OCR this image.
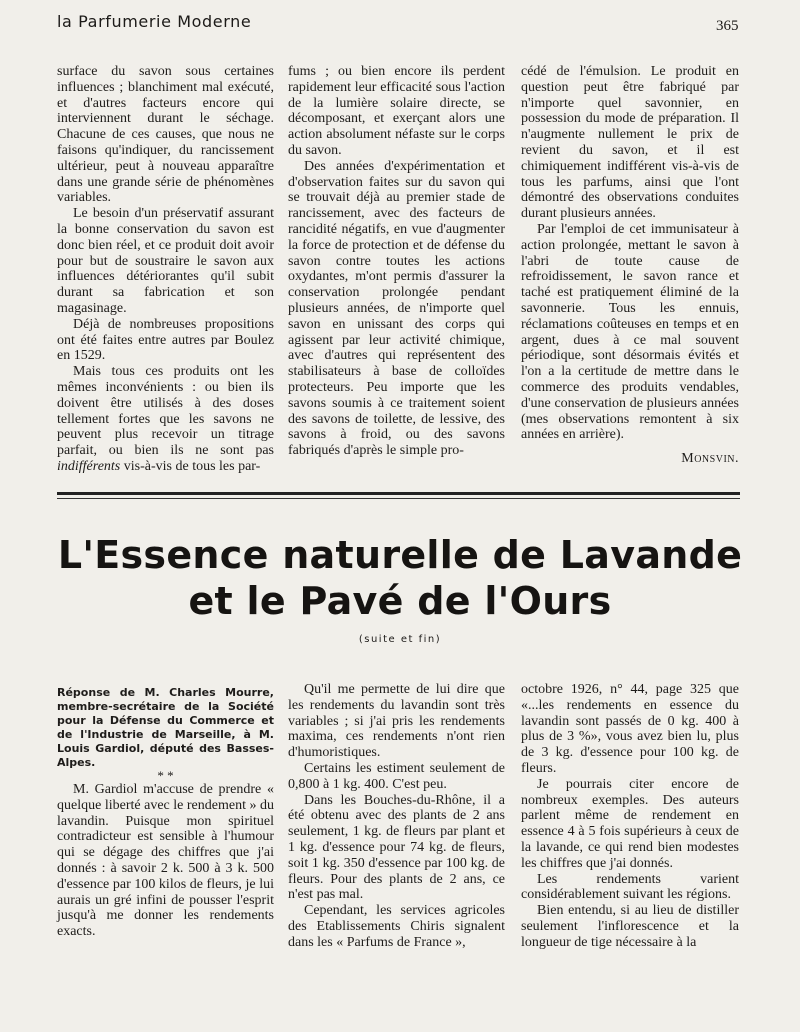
la Parfumerie Moderne	365

surface du savon sous certaines influences ; blanchiment mal exécuté, et d'autres facteurs encore qui interviennent durant le séchage. Chacune de ces causes, que nous ne faisons qu'indiquer, du rancissement ultérieur, peut à nouveau apparaître dans une grande série de phénomènes variables.

Le besoin d'un préservatif assurant la bonne conservation du savon est donc bien réel, et ce produit doit avoir pour but de soustraire le savon aux influences détériorantes qu'il subit durant sa fabrication et son magasinage.

Déjà de nombreuses propositions ont été faites entre autres par Boulez en 1529.

Mais tous ces produits ont les mêmes inconvénients : ou bien ils doivent être utilisés à des doses tellement fortes que les savons ne peuvent plus recevoir un titrage parfait, ou bien ils ne sont pas indifférents vis-à-vis de tous les par-

fums ; ou bien encore ils perdent rapidement leur efficacité sous l'action de la lumière solaire directe, se décomposant, et exerçant alors une action absolument néfaste sur le corps du savon.

Des années d'expérimentation et d'observation faites sur du savon qui se trouvait déjà au premier stade de rancissement, avec des facteurs de rancidité négatifs, en vue d'augmenter la force de protection et de défense du savon contre toutes les actions oxydantes, m'ont permis d'assurer la conservation prolongée pendant plusieurs années, de n'importe quel savon en unissant des corps qui agissent par leur activité chimique, avec d'autres qui représentent des stabilisateurs à base de colloïdes protecteurs. Peu importe que les savons soumis à ce traitement soient des savons de toilette, de lessive, des savons à froid, ou des savons fabriqués d'après le simple pro-

cédé de l'émulsion. Le produit en question peut être fabriqué par n'importe quel savonnier, en possession du mode de préparation. Il n'augmente nullement le prix de revient du savon, et il est chimiquement indifférent vis-à-vis de tous les parfums, ainsi que l'ont démontré des observations conduites durant plusieurs années.

Par l'emploi de cet immunisateur à action prolongée, mettant le savon à l'abri de toute cause de refroidissement, le savon rance et taché est pratiquement éliminé de la savonnerie. Tous les ennuis, réclamations coûteuses en temps et en argent, dues à ce mal souvent périodique, sont désormais évités et l'on a la certitude de mettre dans le commerce des produits vendables, d'une conservation de plusieurs années (mes observations remontent à six années en arrière).

Monsvin.

L'Essence naturelle de Lavande
et le Pavé de l'Ours
(suite et fin)

Réponse de M. Charles Mourre, membre-secrétaire de la Société pour la Défense du Commerce et de l'Industrie de Marseille, à M. Louis Gardiol, député des Basses-Alpes.

* *

M. Gardiol m'accuse de prendre « quelque liberté avec le rendement » du lavandin. Puisque mon spirituel contradicteur est sensible à l'humour qui se dégage des chiffres que j'ai donnés : à savoir 2 k. 500 à 3 k. 500 d'essence par 100 kilos de fleurs, je lui aurais un gré infini de pousser l'esprit jusqu'à me donner les rendements exacts.

Qu'il me permette de lui dire que les rendements du lavandin sont très variables ; si j'ai pris les rendements maxima, ces rendements n'ont rien d'humoristiques.

Certains les estiment seulement de 0,800 à 1 kg. 400. C'est peu.

Dans les Bouches-du-Rhône, il a été obtenu avec des plants de 2 ans seulement, 1 kg. de fleurs par plant et 1 kg. d'essence pour 74 kg. de fleurs, soit 1 kg. 350 d'essence par 100 kg. de fleurs. Pour des plants de 2 ans, ce n'est pas mal.

Cependant, les services agricoles des Etablissements Chiris signalent dans les « Parfums de France »,

octobre 1926, n° 44, page 325 que «...les rendements en essence du lavandin sont passés de 0 kg. 400 à plus de 3 %», vous avez bien lu, plus de 3 kg. d'essence pour 100 kg. de fleurs.

Je pourrais citer encore de nombreux exemples. Des auteurs parlent même de rendement en essence 4 à 5 fois supérieurs à ceux de la lavande, ce qui rend bien modestes les chiffres que j'ai donnés.

Les rendements varient considérablement suivant les régions.

Bien entendu, si au lieu de distiller seulement l'inflorescence et la longueur de tige nécessaire à la
